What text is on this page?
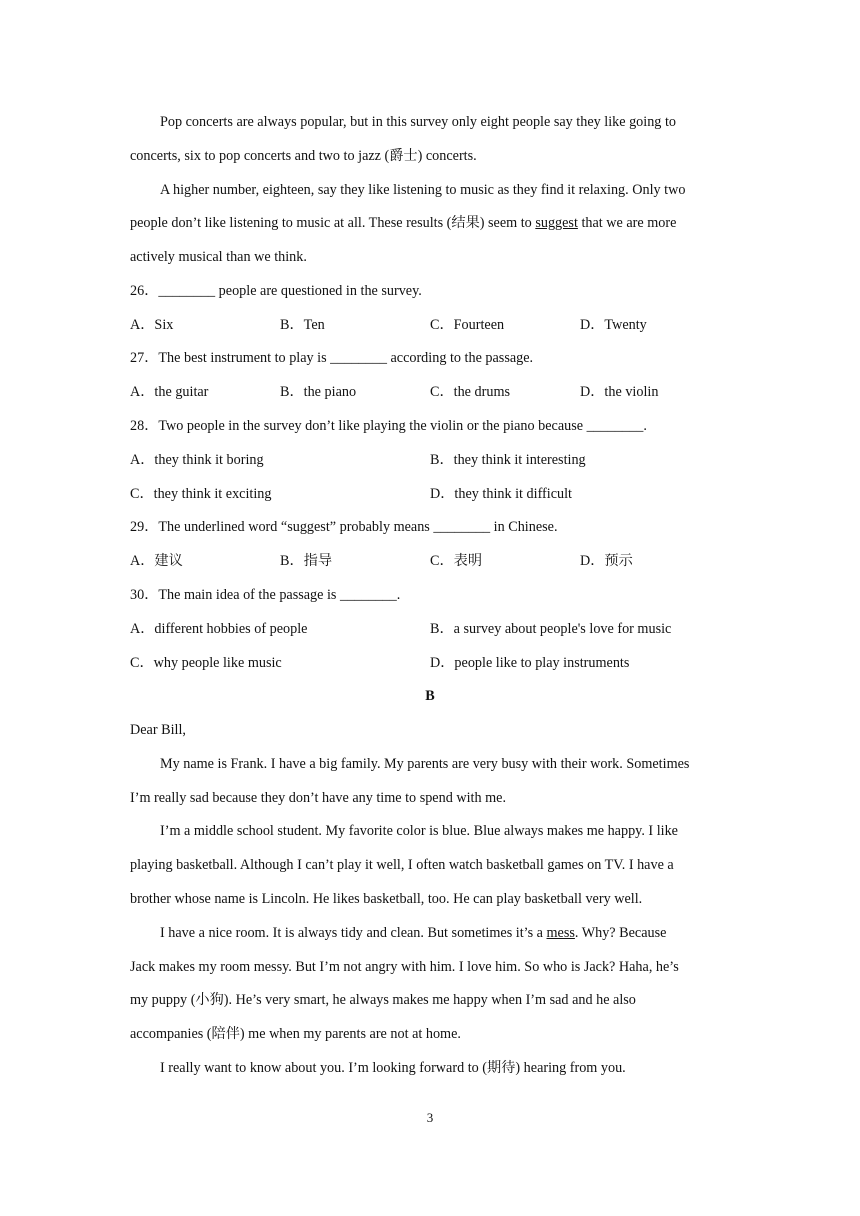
Pop concerts are always popular, but in this survey only eight people say they like going to
concerts, six to pop concerts and two to jazz (爵士) concerts.
A higher number, eighteen, say they like listening to music as they find it relaxing. Only two
people don’t like listening to music at all. These results (结果) seem to suggest that we are more
actively musical than we think.
26．________ people are questioned in the survey.
A．Six	B．Ten	C．Fourteen	D．Twenty
27．The best instrument to play is ________ according to the passage.
A．the guitar	B．the piano	C．the drums	D．the violin
28．Two people in the survey don’t like playing the violin or the piano because ________.
A．they think it boring	B．they think it interesting
C．they think it exciting	D．they think it difficult
29．The underlined word “suggest” probably means ________ in Chinese.
A．建议	B．指导	C．表明	D．预示
30．The main idea of the passage is ________.
A．different hobbies of people	B．a survey about people's love for music
C．why people like music	D．people like to play instruments
B
Dear Bill,
My name is Frank. I have a big family. My parents are very busy with their work. Sometimes
I’m really sad because they don’t have any time to spend with me.
I’m a middle school student. My favorite color is blue. Blue always makes me happy. I like
playing basketball. Although I can’t play it well, I often watch basketball games on TV. I have a
brother whose name is Lincoln. He likes basketball, too. He can play basketball very well.
I have a nice room. It is always tidy and clean. But sometimes it’s a mess. Why? Because
Jack makes my room messy. But I’m not angry with him. I love him. So who is Jack? Haha, he’s
my puppy (小狗). He’s very smart, he always makes me happy when I’m sad and he also
accompanies (陪伴) me when my parents are not at home.
I really want to know about you. I’m looking forward to (期待) hearing from you.
3
